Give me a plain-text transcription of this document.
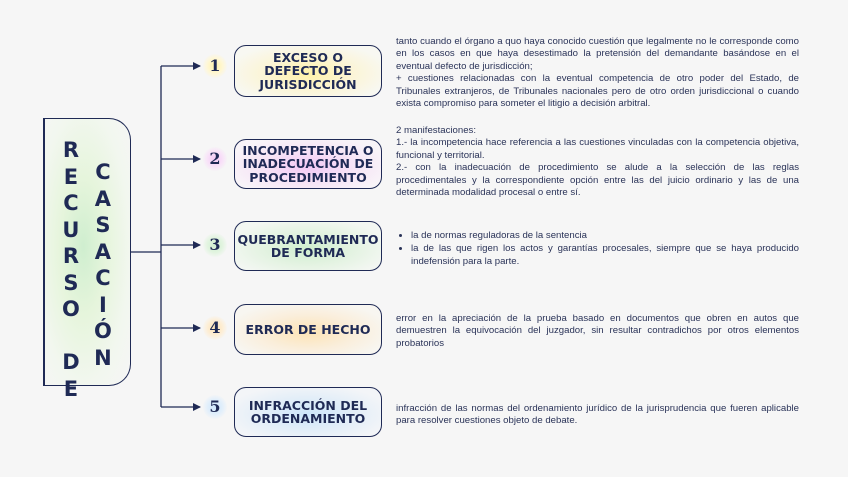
R
E
C
U
R
S
O
D
E
C
A
S
A
C
I
Ó
N
1
2
3
4
5
EXCESO O DEFECTO DE JURISDICCIÓN
INCOMPETENCIA O INADECUACIÓN DE PROCEDIMIENTO
QUEBRANTAMIENTO DE FORMA
ERROR DE HECHO
INFRACCIÓN DEL ORDENAMIENTO

tanto cuando el órgano a quo haya conocido cuestión que legalmente no le corresponde como en los casos en que haya desestimado la pretensión del demandante basándose en el eventual defecto de jurisdicción;

+ cuestiones relacionadas con la eventual competencia de otro poder del Estado, de Tribunales extranjeros, de Tribunales nacionales pero de otro orden jurisdiccional o cuando exista compromiso para someter el litigio a decisión arbitral.

2 manifestaciones:

1.- la incompetencia hace referencia a las cuestiones vinculadas con la competencia objetiva, funcional y territorial.

2.- con la inadecuación de procedimiento se alude a la selección de las reglas procedimentales y la correspondiente opción entre las del juicio ordinario y las de una determinada modalidad procesal o entre sí.

• la de normas reguladoras de la sentencia
• la de las que rigen los actos y garantías procesales, siempre que se haya producido indefensión para la parte.

error en la apreciación de la prueba basado en documentos que obren en autos que demuestren la equivocación del juzgador, sin resultar contradichos por otros elementos probatorios

infracción de las normas del ordenamiento jurídico de la jurisprudencia que fueren aplicable para resolver cuestiones objeto de debate.
